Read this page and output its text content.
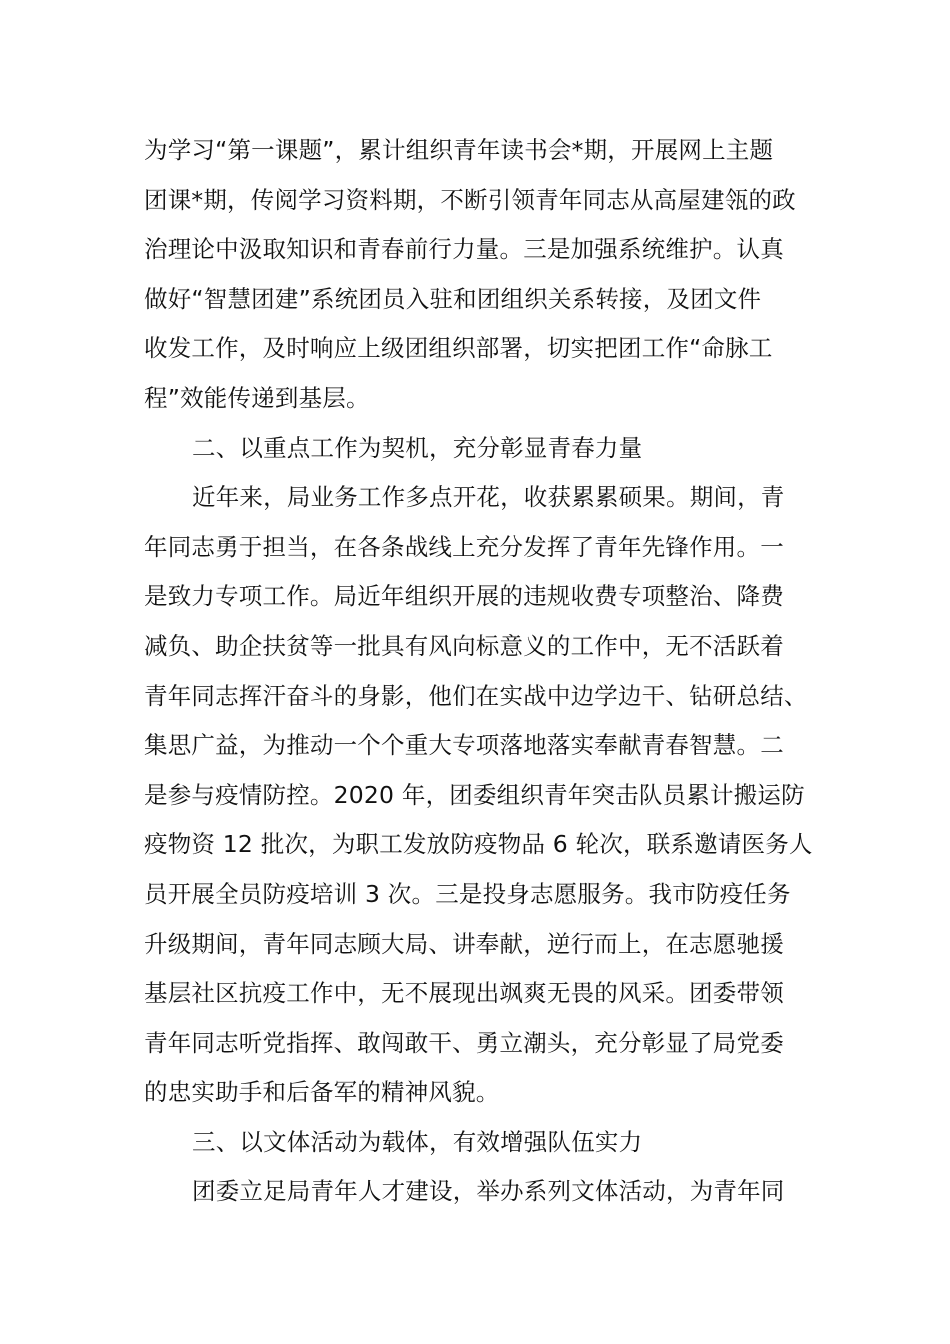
为学习“第一课题”，累计组织青年读书会*期，开展网上主题
团课*期，传阅学习资料期，不断引领青年同志从高屋建瓴的政
治理论中汲取知识和青春前行力量。三是加强系统维护。认真
做好“智慧团建”系统团员入驻和团组织关系转接，及团文件
收发工作，及时响应上级团组织部署，切实把团工作“命脉工
程”效能传递到基层。
二、以重点工作为契机，充分彰显青春力量
近年来，局业务工作多点开花，收获累累硕果。期间，青
年同志勇于担当，在各条战线上充分发挥了青年先锋作用。一
是致力专项工作。局近年组织开展的违规收费专项整治、降费
减负、助企扶贫等一批具有风向标意义的工作中，无不活跃着
青年同志挥汗奋斗的身影，他们在实战中边学边干、钻研总结、
集思广益，为推动一个个重大专项落地落实奉献青春智慧。二
是参与疫情防控。2020 年，团委组织青年突击队员累计搬运防
疫物资 12 批次，为职工发放防疫物品 6 轮次，联系邀请医务人
员开展全员防疫培训 3 次。三是投身志愿服务。我市防疫任务
升级期间，青年同志顾大局、讲奉献，逆行而上，在志愿驰援
基层社区抗疫工作中，无不展现出飒爽无畏的风采。团委带领
青年同志听党指挥、敢闯敢干、勇立潮头，充分彰显了局党委
的忠实助手和后备军的精神风貌。
三、以文体活动为载体，有效增强队伍实力
团委立足局青年人才建设，举办系列文体活动，为青年同
